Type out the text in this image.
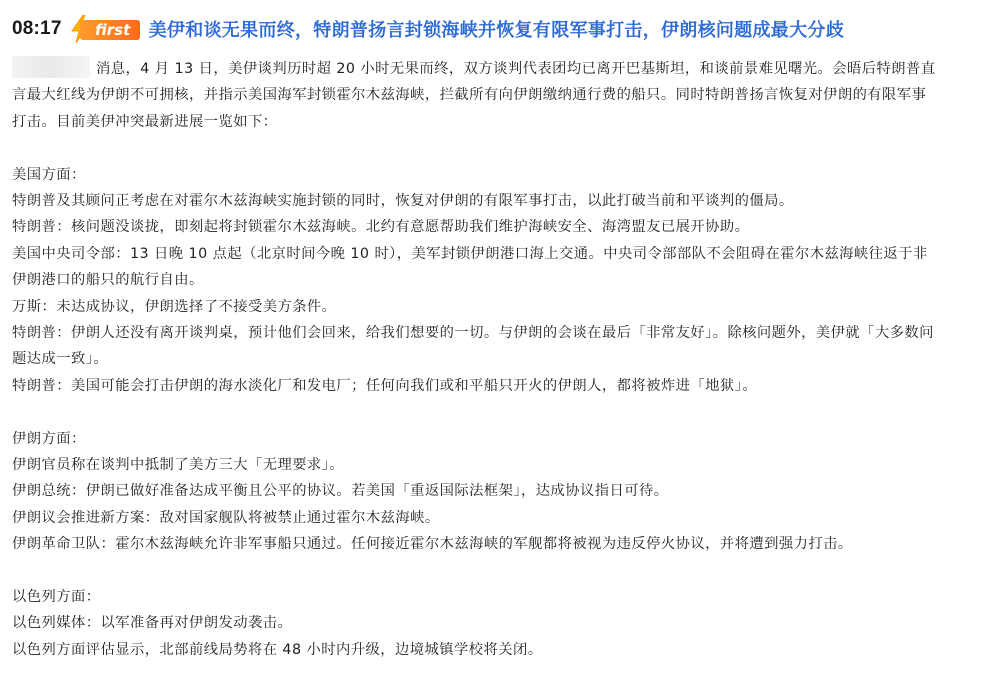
08:17	first	美伊和谈无果而终，特朗普扬言封锁海峡并恢复有限军事打击，伊朗核问题成最大分歧

消息，4 月 13 日，美伊谈判历时超 20 小时无果而终，双方谈判代表团均已离开巴基斯坦，和谈前景难见曙光。会晤后特朗普直言最大红线为伊朗不可拥核，并指示美国海军封锁霍尔木兹海峡，拦截所有向伊朗缴纳通行费的船只。同时特朗普扬言恢复对伊朗的有限军事打击。目前美伊冲突最新进展一览如下：

美国方面：

特朗普及其顾问正考虑在对霍尔木兹海峡实施封锁的同时，恢复对伊朗的有限军事打击，以此打破当前和平谈判的僵局。

特朗普：核问题没谈拢，即刻起将封锁霍尔木兹海峡。北约有意愿帮助我们维护海峡安全、海湾盟友已展开协助。

美国中央司令部：13 日晚 10 点起（北京时间今晚 10 时），美军封锁伊朗港口海上交通。中央司令部部队不会阻碍在霍尔木兹海峡往返于非伊朗港口的船只的航行自由。

万斯：未达成协议，伊朗选择了不接受美方条件。

特朗普：伊朗人还没有离开谈判桌，预计他们会回来，给我们想要的一切。与伊朗的会谈在最后「非常友好」。除核问题外，美伊就「大多数问题达成一致」。

特朗普：美国可能会打击伊朗的海水淡化厂和发电厂；任何向我们或和平船只开火的伊朗人，都将被炸进「地狱」。

伊朗方面：

伊朗官员称在谈判中抵制了美方三大「无理要求」。

伊朗总统：伊朗已做好准备达成平衡且公平的协议。若美国「重返国际法框架」，达成协议指日可待。

伊朗议会推进新方案：敌对国家舰队将被禁止通过霍尔木兹海峡。

伊朗革命卫队：霍尔木兹海峡允许非军事船只通过。任何接近霍尔木兹海峡的军舰都将被视为违反停火协议，并将遭到强力打击。

以色列方面：

以色列媒体：以军准备再对伊朗发动袭击。

以色列方面评估显示，北部前线局势将在 48 小时内升级，边境城镇学校将关闭。
